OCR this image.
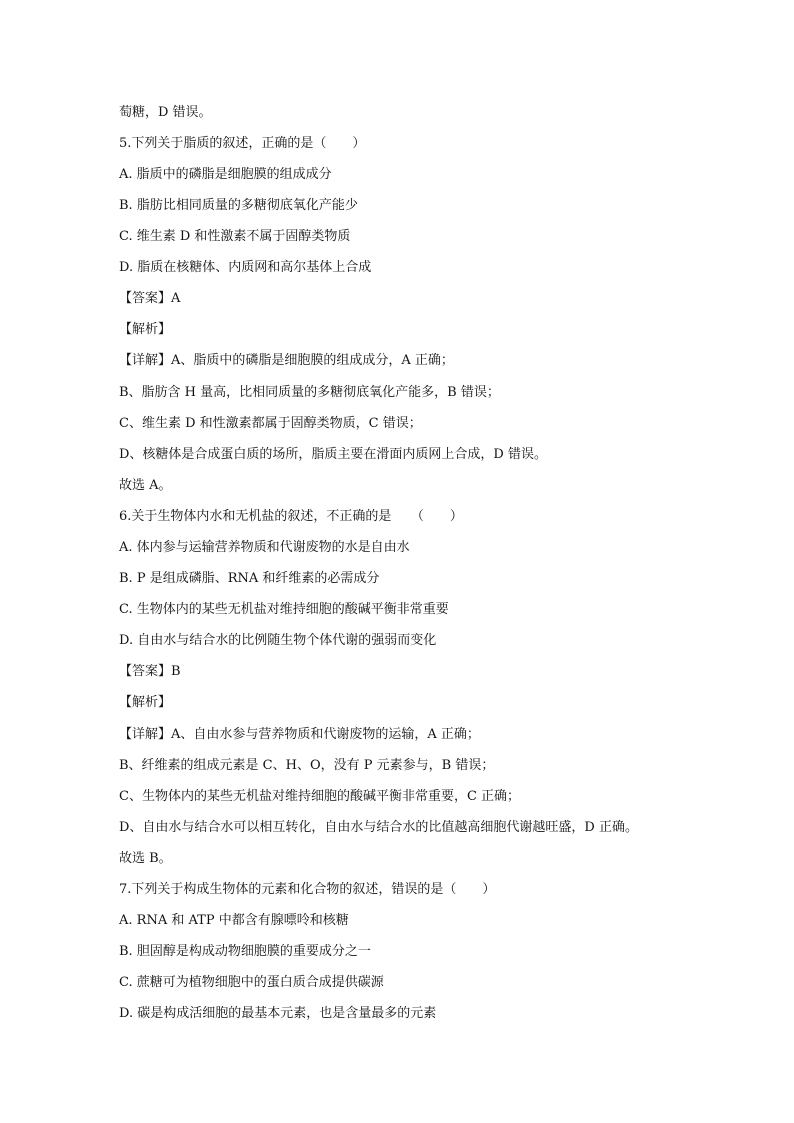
萄糖，D 错误。
5.下列关于脂质的叙述，正确的是（　　）
A. 脂质中的磷脂是细胞膜的组成成分
B. 脂肪比相同质量的多糖彻底氧化产能少
C. 维生素 D 和性激素不属于固醇类物质
D. 脂质在核糖体、内质网和高尔基体上合成
【答案】A
【解析】
【详解】A、脂质中的磷脂是细胞膜的组成成分，A 正确；
B、脂肪含 H 量高，比相同质量的多糖彻底氧化产能多，B 错误；
C、维生素 D 和性激素都属于固醇类物质，C 错误；
D、核糖体是合成蛋白质的场所，脂质主要在滑面内质网上合成，D 错误。
故选 A。
6.关于生物体内水和无机盐的叙述，不正确的是　　（　　）
A. 体内参与运输营养物质和代谢废物的水是自由水
B. P 是组成磷脂、RNA 和纤维素的必需成分
C. 生物体内的某些无机盐对维持细胞的酸碱平衡非常重要
D. 自由水与结合水的比例随生物个体代谢的强弱而变化
【答案】B
【解析】
【详解】A、自由水参与营养物质和代谢废物的运输，A 正确；
B、纤维素的组成元素是 C、H、O，没有 P 元素参与，B 错误；
C、生物体内的某些无机盐对维持细胞的酸碱平衡非常重要，C 正确；
D、自由水与结合水可以相互转化，自由水与结合水的比值越高细胞代谢越旺盛，D 正确。
故选 B。
7.下列关于构成生物体的元素和化合物的叙述，错误的是（　　）
A. RNA 和 ATP 中都含有腺嘌呤和核糖
B. 胆固醇是构成动物细胞膜的重要成分之一
C. 蔗糖可为植物细胞中的蛋白质合成提供碳源
D. 碳是构成活细胞的最基本元素，也是含量最多的元素
